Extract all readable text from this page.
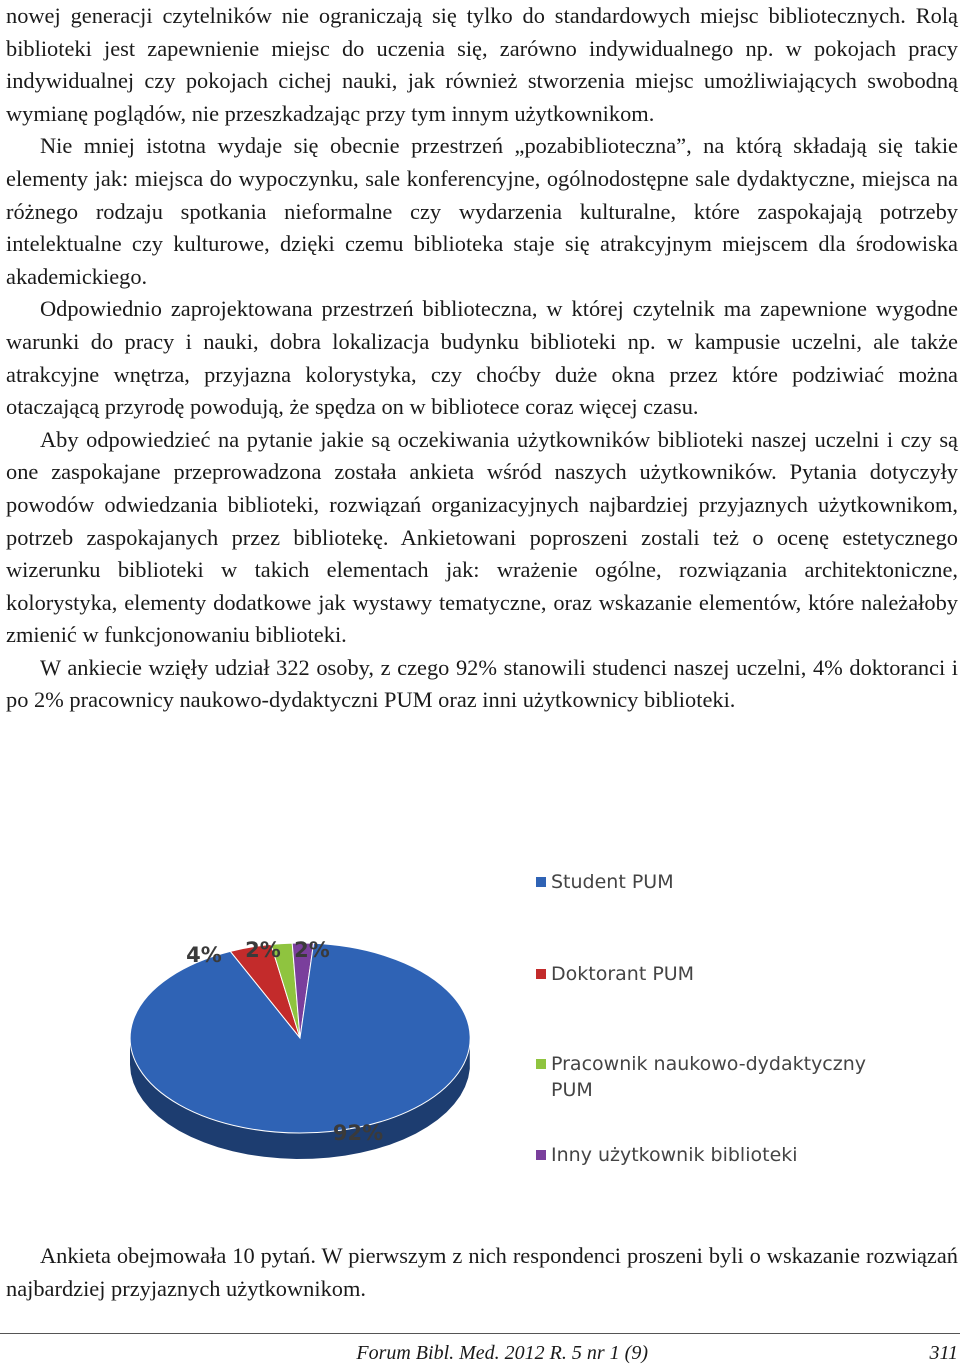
nowej generacji czytelników nie ograniczają się tylko do standardowych miejsc bibliotecznych. Rolą biblioteki jest zapewnienie miejsc do uczenia się, zarówno indywidualnego np. w pokojach pracy indywidualnej czy pokojach cichej nauki, jak również stworzenia miejsc umożliwiających swobodną wymianę poglądów, nie przeszkadzając przy tym innym użytkownikom.

Nie mniej istotna wydaje się obecnie przestrzeń „pozabiblioteczna”, na którą składają się takie elementy jak: miejsca do wypoczynku, sale konferencyjne, ogólnodostępne sale dydaktyczne, miejsca na różnego rodzaju spotkania nieformalne czy wydarzenia kulturalne, które zaspokajają potrzeby intelektualne czy kulturowe, dzięki czemu biblioteka staje się atrakcyjnym miejscem dla środowiska akademickiego.

Odpowiednio zaprojektowana przestrzeń biblioteczna, w której czytelnik ma zapewnione wygodne warunki do pracy i nauki, dobra lokalizacja budynku biblioteki np. w kampusie uczelni, ale także atrakcyjne wnętrza, przyjazna kolorystyka, czy choćby duże okna przez które podziwiać można otaczającą przyrodę powodują, że spędza on w bibliotece coraz więcej czasu.

Aby odpowiedzieć na pytanie jakie są oczekiwania użytkowników biblioteki naszej uczelni i czy są one zaspokajane przeprowadzona została ankieta wśród naszych użytkowników. Pytania dotyczyły powodów odwiedzania biblioteki, rozwiązań organizacyjnych najbardziej przyjaznych użytkownikom, potrzeb zaspokajanych przez bibliotekę. Ankietowani poproszeni zostali też o ocenę estetycznego wizerunku biblioteki w takich elementach jak: wrażenie ogólne, rozwiązania architektoniczne, kolorystyka, elementy dodatkowe jak wystawy tematyczne, oraz wskazanie elementów, które należałoby zmienić w funkcjonowaniu biblioteki.

W ankiecie wzięły udział 322 osoby, z czego 92% stanowili studenci naszej uczelni, 4% doktoranci i po 2% pracownicy naukowo-dydaktyczni PUM oraz inni użytkownicy biblioteki.

4% 2% 2%
92%
Student PUM
Doktorant PUM
Pracownik naukowo-dydaktyczny PUM
Inny użytkownik biblioteki

Ankieta obejmowała 10 pytań. W pierwszym z nich respondenci proszeni byli o wskazanie rozwiązań najbardziej przyjaznych użytkownikom.

Forum Bibl. Med. 2012 R. 5 nr 1 (9)	311
